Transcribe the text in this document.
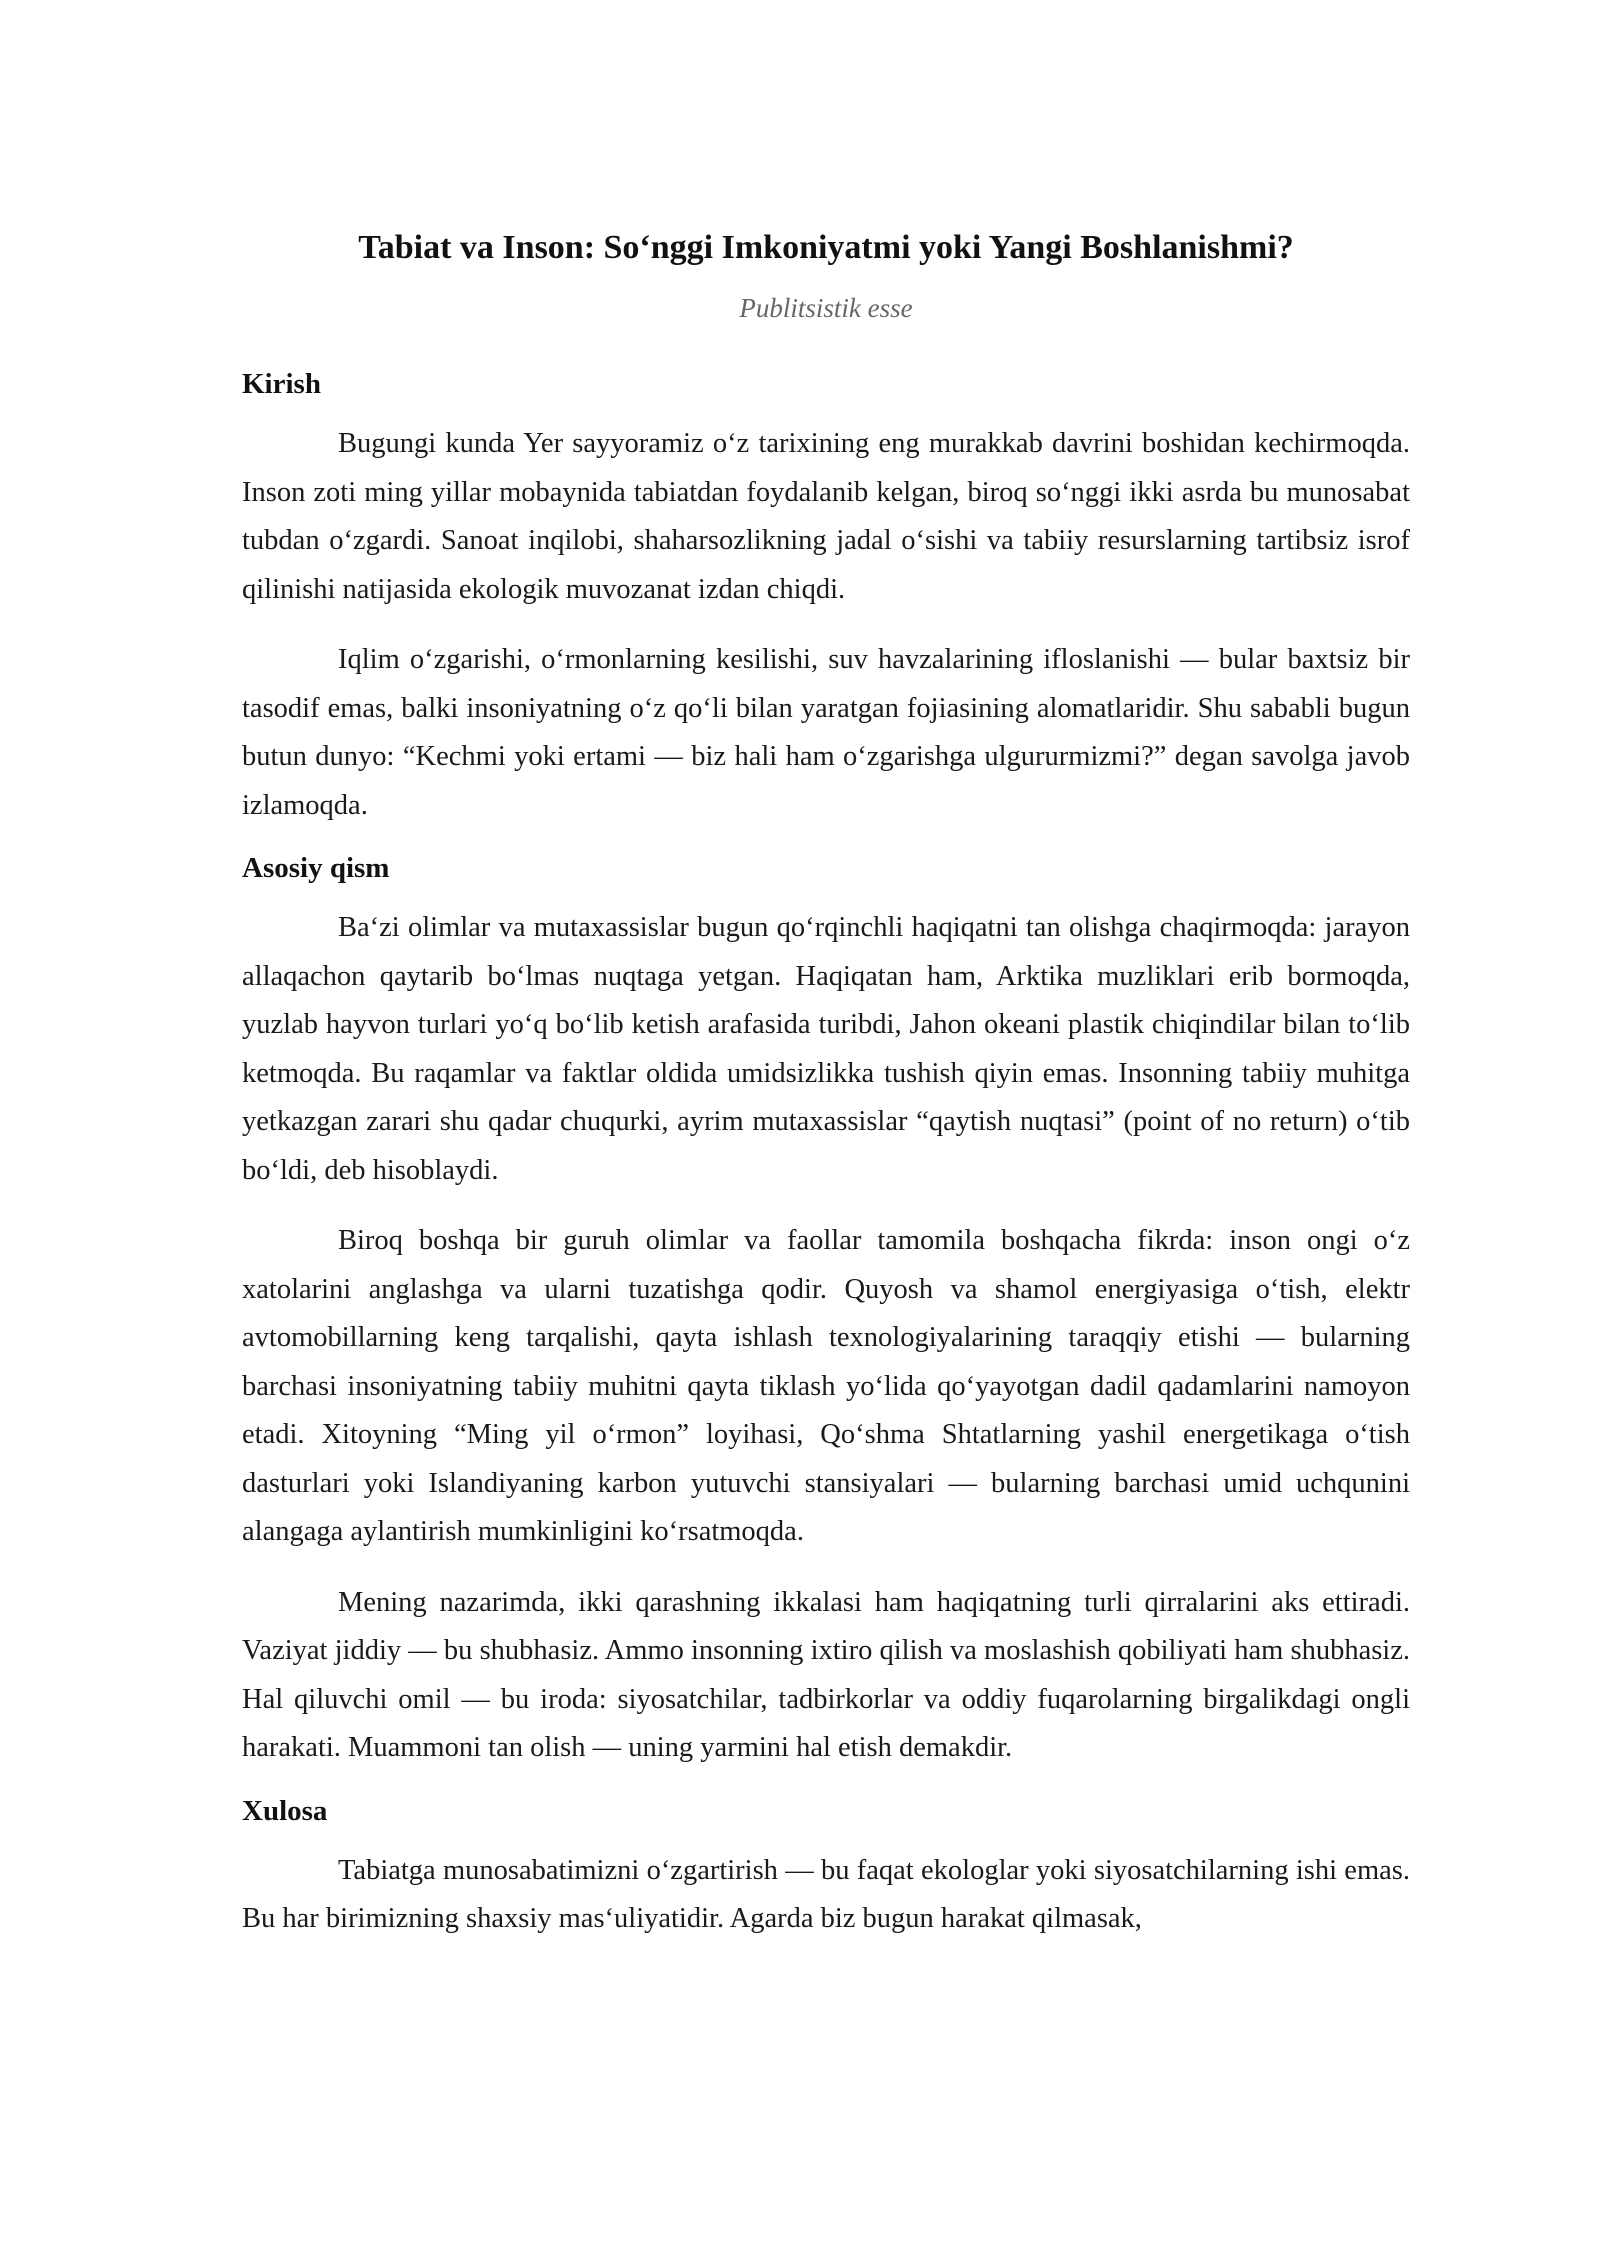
Tabiat va Inson: So‘nggi Imkoniyatmi yoki Yangi Boshlanishmi?
Publitsistik esse
Kirish

Bugungi kunda Yer sayyoramiz o‘z tarixining eng murakkab davrini boshidan kechirmoqda. Inson zoti ming yillar mobaynida tabiatdan foydalanib kelgan, biroq so‘nggi ikki asrda bu munosabat tubdan o‘zgardi. Sanoat inqilobi, shaharsozlikning jadal o‘sishi va tabiiy resurslarning tartibsiz isrof qilinishi natijasida ekologik muvozanat izdan chiqdi.

Iqlim o‘zgarishi, o‘rmonlarning kesilishi, suv havzalarining ifloslanishi — bular baxtsiz bir tasodif emas, balki insoniyatning o‘z qo‘li bilan yaratgan fojiasining alomatlaridir. Shu sababli bugun butun dunyo: “Kechmi yoki ertami — biz hali ham o‘zgarishga ulgururmizmi?” degan savolga javob izlamoqda.

Asosiy qism

Ba‘zi olimlar va mutaxassislar bugun qo‘rqinchli haqiqatni tan olishga chaqirmoqda: jarayon allaqachon qaytarib bo‘lmas nuqtaga yetgan. Haqiqatan ham, Arktika muzliklari erib bormoqda, yuzlab hayvon turlari yo‘q bo‘lib ketish arafasida turibdi, Jahon okeani plastik chiqindilar bilan to‘lib ketmoqda. Bu raqamlar va faktlar oldida umidsizlikka tushish qiyin emas. Insonning tabiiy muhitga yetkazgan zarari shu qadar chuqurki, ayrim mutaxassislar “qaytish nuqtasi” (point of no return) o‘tib bo‘ldi, deb hisoblaydi.

Biroq boshqa bir guruh olimlar va faollar tamomila boshqacha fikrda: inson ongi o‘z xatolarini anglashga va ularni tuzatishga qodir. Quyosh va shamol energiyasiga o‘tish, elektr avtomobillarning keng tarqalishi, qayta ishlash texnologiyalarining taraqqiy etishi — bularning barchasi insoniyatning tabiiy muhitni qayta tiklash yo‘lida qo‘yayotgan dadil qadamlarini namoyon etadi. Xitoyning “Ming yil o‘rmon” loyihasi, Qo‘shma Shtatlarning yashil energetikaga o‘tish dasturlari yoki Islandiyaning karbon yutuvchi stansiyalari — bularning barchasi umid uchqunini alangaga aylantirish mumkinligini ko‘rsatmoqda.

Mening nazarimda, ikki qarashning ikkalasi ham haqiqatning turli qirralarini aks ettiradi. Vaziyat jiddiy — bu shubhasiz. Ammo insonning ixtiro qilish va moslashish qobiliyati ham shubhasiz. Hal qiluvchi omil — bu iroda: siyosatchilar, tadbirkorlar va oddiy fuqarolarning birgalikdagi ongli harakati. Muammoni tan olish — uning yarmini hal etish demakdir.

Xulosa

Tabiatga munosabatimizni o‘zgartirish — bu faqat ekologlar yoki siyosatchilarning ishi emas. Bu har birimizning shaxsiy mas‘uliyatidir. Agarda biz bugun harakat qilmasak,
